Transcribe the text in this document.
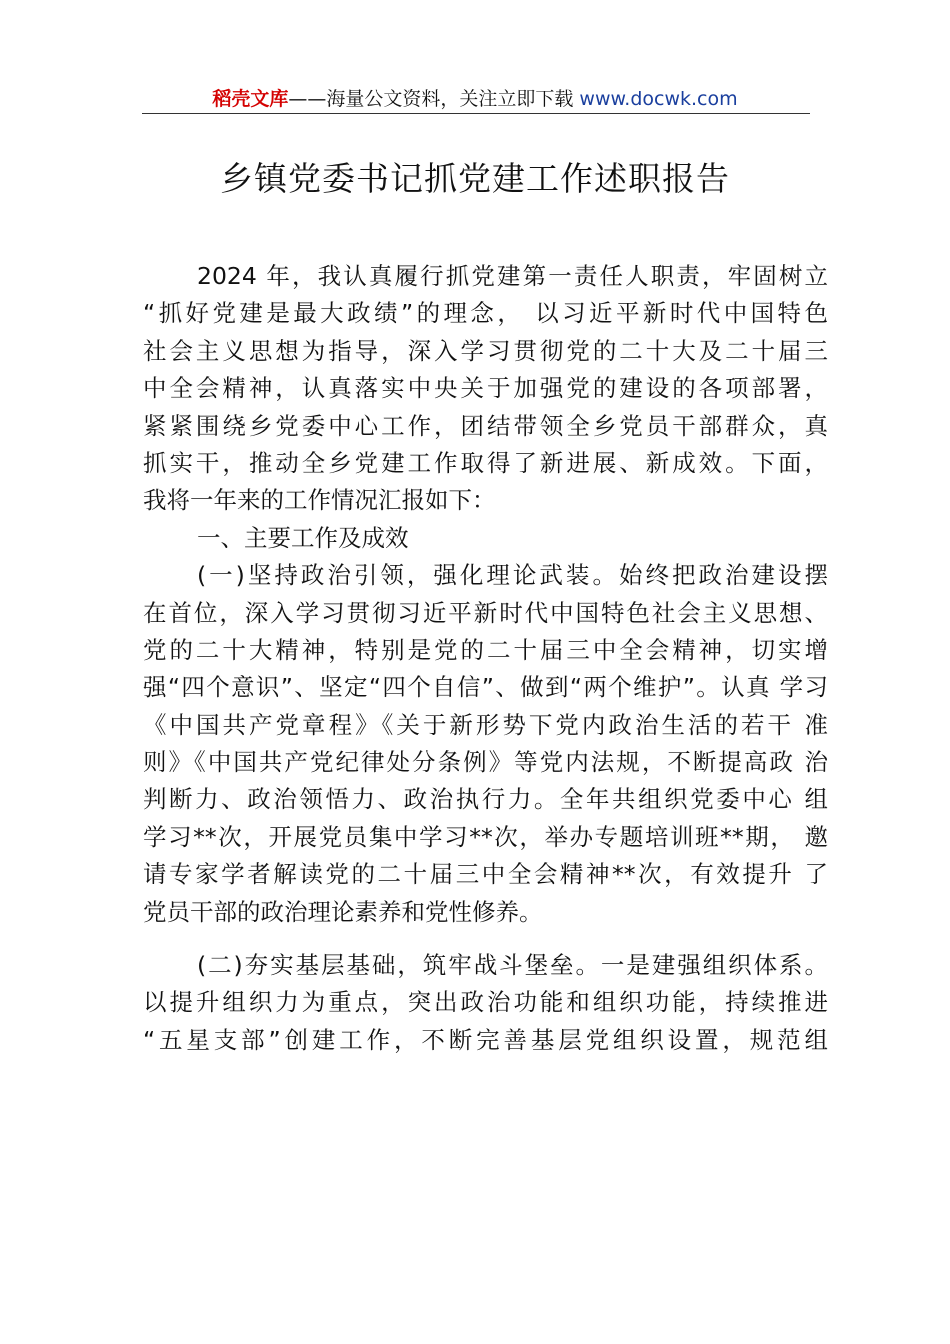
稻壳文库——海量公文资料，关注立即下载 www.docwk.com
乡镇党委书记抓党建工作述职报告
2024 年，我认真履行抓党建第一责任人职责，牢固树立
“抓好党建是最大政绩”的理念， 以习近平新时代中国特色
社会主义思想为指导，深入学习贯彻党的二十大及二十届三
中全会精神，认真落实中央关于加强党的建设的各项部署，
紧紧围绕乡党委中心工作，团结带领全乡党员干部群众，真
抓实干，推动全乡党建工作取得了新进展、新成效。下面，
我将一年来的工作情况汇报如下：
一、主要工作及成效
(一)坚持政治引领，强化理论武装。始终把政治建设摆
在首位，深入学习贯彻习近平新时代中国特色社会主义思想、
党的二十大精神，特别是党的二十届三中全会精神，切实增
强“四个意识”、坚定“四个自信”、做到“两个维护”。认真 学习
《中国共产党章程》《关于新形势下党内政治生活的若干 准
则》《中国共产党纪律处分条例》等党内法规，不断提高政 治
判断力、政治领悟力、政治执行力。全年共组织党委中心 组
学习**次，开展党员集中学习**次，举办专题培训班**期， 邀
请专家学者解读党的二十届三中全会精神**次，有效提升 了
党员干部的政治理论素养和党性修养。
(二)夯实基层基础，筑牢战斗堡垒。一是建强组织体系。
以提升组织力为重点，突出政治功能和组织功能，持续推进
“五星支部”创建工作，不断完善基层党组织设置，规范组
